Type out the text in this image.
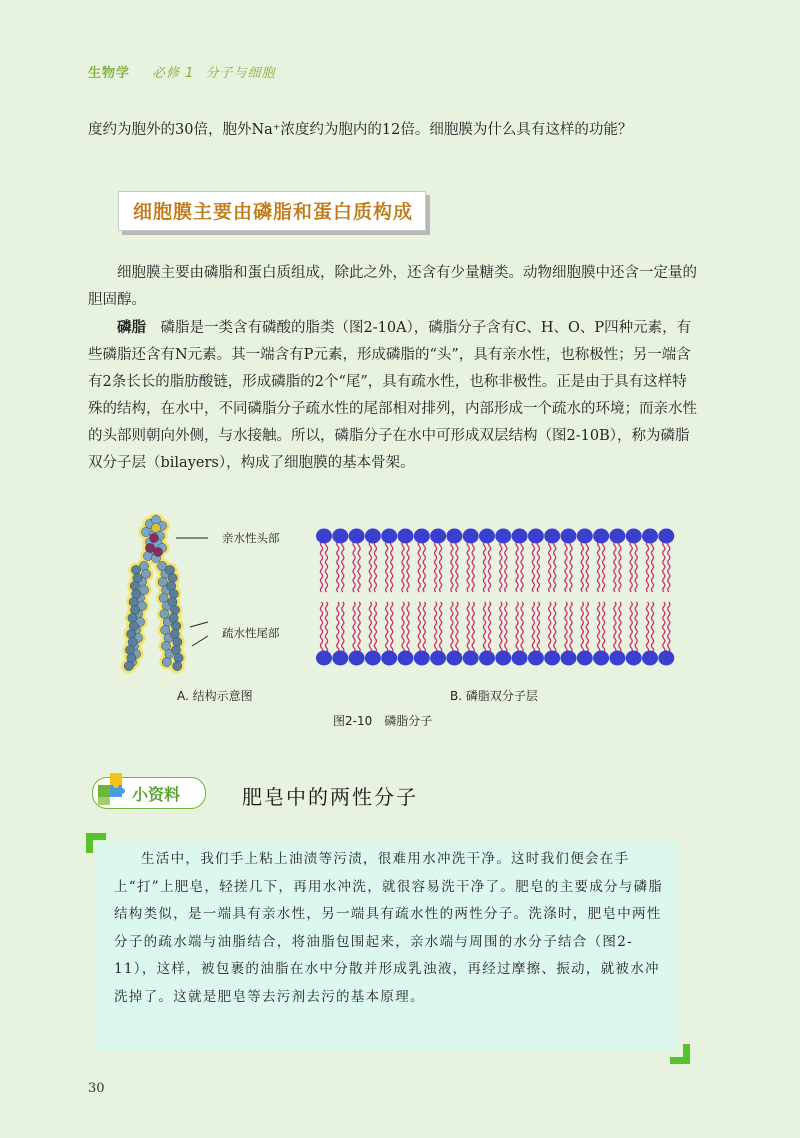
生物学 必修 1 分子与细胞
度约为胞外的30倍，胞外Na⁺浓度约为胞内的12倍。细胞膜为什么具有这样的功能？
细胞膜主要由磷脂和蛋白质构成
细胞膜主要由磷脂和蛋白质组成，除此之外，还含有少量糖类。动物细胞膜中还含一定量的胆固醇。
磷脂　 磷脂是一类含有磷酸的脂类（图2-10A），磷脂分子含有C、H、O、P四种元素，有些磷脂还含有N元素。其一端含有P元素，形成磷脂的“头”，具有亲水性，也称极性；另一端含有2条长长的脂肪酸链，形成磷脂的2个“尾”，具有疏水性，也称非极性。正是由于具有这样特殊的结构，在水中，不同磷脂分子疏水性的尾部相对排列，内部形成一个疏水的环境；而亲水性的头部则朝向外侧，与水接触。所以，磷脂分子在水中可形成双层结构（图2-10B），称为磷脂双分子层（bilayers），构成了细胞膜的基本骨架。
亲水性头部
疏水性尾部
A. 结构示意图	B. 磷脂双分子层
图2-10　磷脂分子
小资料	肥皂中的两性分子
生活中，我们手上粘上油渍等污渍，很难用水冲洗干净。这时我们便会在手上“打”上肥皂，轻搓几下，再用水冲洗，就很容易洗干净了。肥皂的主要成分与磷脂结构类似，是一端具有亲水性，另一端具有疏水性的两性分子。洗涤时，肥皂中两性分子的疏水端与油脂结合，将油脂包围起来，亲水端与周围的水分子结合（图2-11），这样，被包裹的油脂在水中分散并形成乳浊液，再经过摩擦、振动，就被水冲洗掉了。这就是肥皂等去污剂去污的基本原理。
30
